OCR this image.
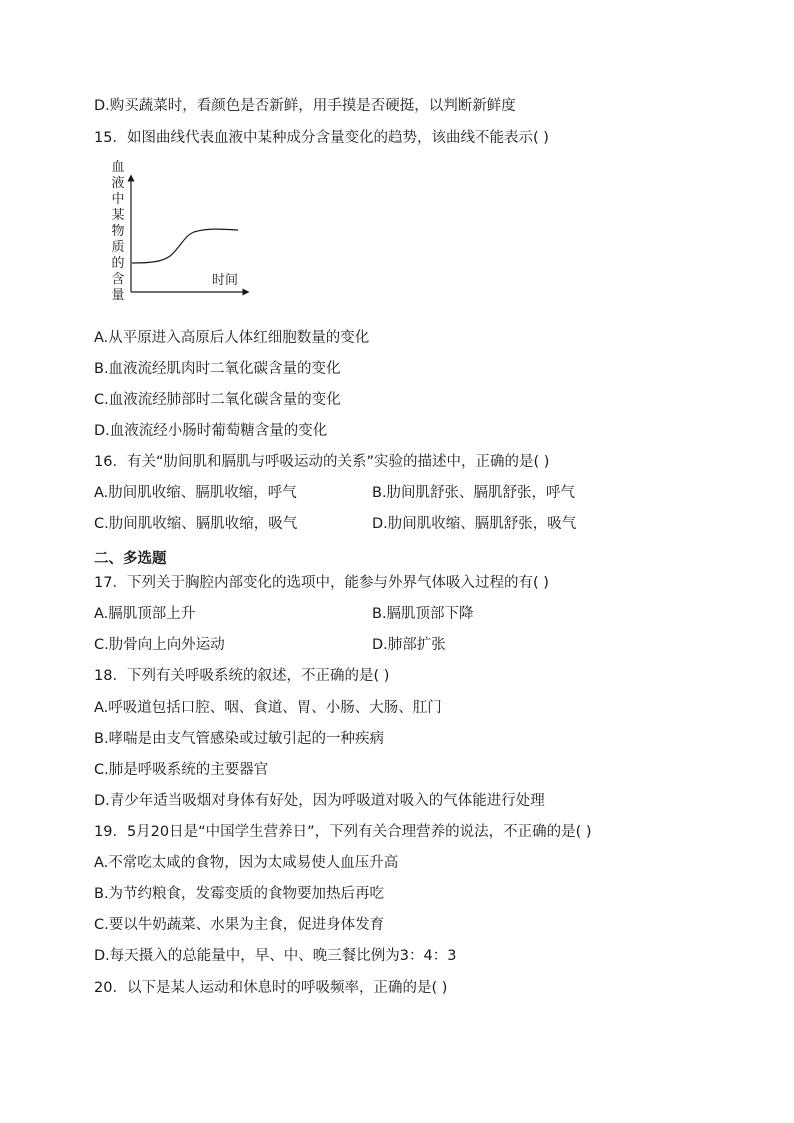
D.购买蔬菜时，看颜色是否新鲜，用手摸是否硬挺，以判断新鲜度
15．如图曲线代表血液中某种成分含量变化的趋势，该曲线不能表示( )
血
液
中
某
物
质
的
含
量
时间
A.从平原进入高原后人体红细胞数量的变化
B.血液流经肌肉时二氧化碳含量的变化
C.血液流经肺部时二氧化碳含量的变化
D.血液流经小肠时葡萄糖含量的变化
16．有关“肋间肌和膈肌与呼吸运动的关系”实验的描述中，正确的是( )
A.肋间肌收缩、膈肌收缩，呼气	B.肋间肌舒张、膈肌舒张，呼气
C.肋间肌收缩、膈肌收缩，吸气	D.肋间肌收缩、膈肌舒张，吸气
二、多选题
17．下列关于胸腔内部变化的选项中，能参与外界气体吸入过程的有( )
A.膈肌顶部上升	B.膈肌顶部下降
C.肋骨向上向外运动	D.肺部扩张
18．下列有关呼吸系统的叙述，不正确的是( )
A.呼吸道包括口腔、咽、食道、胃、小肠、大肠、肛门
B.哮喘是由支气管感染或过敏引起的一种疾病
C.肺是呼吸系统的主要器官
D.青少年适当吸烟对身体有好处，因为呼吸道对吸入的气体能进行处理
19．5月20日是“中国学生营养日”，下列有关合理营养的说法，不正确的是( )
A.不常吃太咸的食物，因为太咸易使人血压升高
B.为节约粮食，发霉变质的食物要加热后再吃
C.要以牛奶蔬菜、水果为主食，促进身体发育
D.每天摄入的总能量中，早、中、晚三餐比例为3：4：3
20．以下是某人运动和休息时的呼吸频率，正确的是( )
